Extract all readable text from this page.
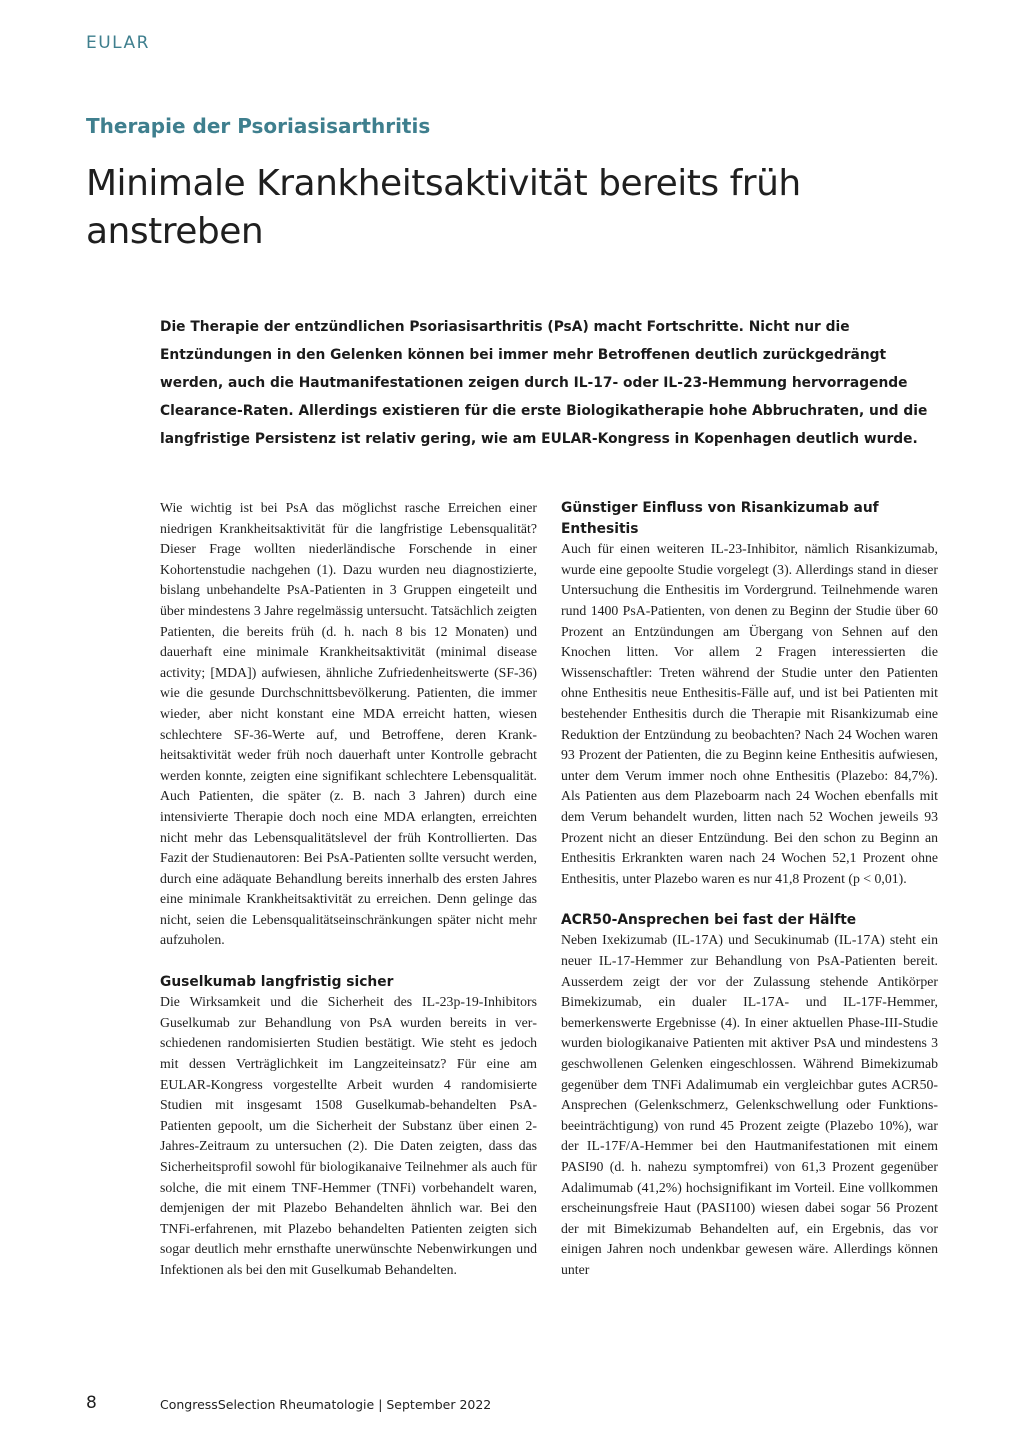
EULAR
Therapie der Psoriasisarthritis
Minimale Krankheitsaktivität bereits früh anstreben

Die Therapie der entzündlichen Psoriasisarthritis (PsA) macht Fortschritte. Nicht nur die Entzündungen in den Gelenken können bei immer mehr Betroffenen deutlich zurückgedrängt werden, auch die Hautmanifestationen zeigen durch IL-17- oder IL-23-Hemmung hervorragende Clearance-Raten. Allerdings existieren für die erste Biologikatherapie hohe Abbruchraten, und die langfristige Persistenz ist relativ gering, wie am EULAR-Kongress in Kopenhagen deutlich wurde.

Wie wichtig ist bei PsA das möglichst rasche Erreichen einer niedrigen Krankheitsaktivität für die langfristige Lebensqualität? Dieser Frage wollten niederländische Forschende in einer Kohortenstudie nachgehen (1). Dazu wurden neu diagnostizierte, bislang unbehandelte PsA-Patienten in 3 Gruppen eingeteilt und über mindestens 3 Jahre regelmässig untersucht. Tatsächlich zeigten Patienten, die bereits früh (d. h. nach 8 bis 12 Monaten) und dauerhaft eine minimale Krankheitsaktivität (minimal disease activity; [MDA]) aufwiesen, ähnliche Zufriedenheitswerte (SF-36) wie die gesunde Durchschnittsbevölkerung. Patienten, die immer wieder, aber nicht konstant eine MDA erreicht hatten, wiesen schlechtere SF-36-Werte auf, und Betroffene, deren Krankheitsaktivität weder früh noch dauerhaft unter Kontrolle gebracht werden konnte, zeigten eine signifikant schlechtere Lebensqualität. Auch Patienten, die später (z. B. nach 3 Jahren) durch eine intensivierte Therapie doch noch eine MDA erlangten, erreichten nicht mehr das Lebensqualitätslevel der früh Kontrollierten. Das Fazit der Studienautoren: Bei PsA-Patienten sollte versucht werden, durch eine adäquate Behandlung bereits innerhalb des ersten Jahres eine minimale Krankheitsaktivität zu erreichen. Denn gelinge das nicht, seien die Lebensqualitätseinschränkungen später nicht mehr aufzuholen.

Guselkumab langfristig sicher

Die Wirksamkeit und die Sicherheit des IL-23p-19-Inhibitors Guselkumab zur Behandlung von PsA wurden bereits in verschiedenen randomisierten Studien bestätigt. Wie steht es jedoch mit dessen Verträglichkeit im Langzeiteinsatz? Für eine am EULAR-Kongress vorgestellte Arbeit wurden 4 randomisierte Studien mit insgesamt 1508 Guselkumab-behandelten PsA-Patienten gepoolt, um die Sicherheit der Substanz über einen 2-Jahres-Zeitraum zu untersuchen (2). Die Daten zeigten, dass das Sicherheitsprofil sowohl für biologikanaive Teilnehmer als auch für solche, die mit einem TNF-Hemmer (TNFi) vorbehandelt waren, demjenigen der mit Plazebo Behandelten ähnlich war. Bei den TNFi-erfahrenen, mit Plazebo behandelten Patienten zeigten sich sogar deutlich mehr ernsthafte unerwünschte Nebenwirkungen und Infektionen als bei den mit Guselkumab Behandelten.

Günstiger Einfluss von Risankizumab auf Enthesitis

Auch für einen weiteren IL-23-Inhibitor, nämlich Risankizumab, wurde eine gepoolte Studie vorgelegt (3). Allerdings stand in dieser Untersuchung die Enthesitis im Vordergrund. Teilnehmende waren rund 1400 PsA-Patienten, von denen zu Beginn der Studie über 60 Prozent an Entzündungen am Übergang von Sehnen auf den Knochen litten. Vor allem 2 Fragen interessierten die Wissenschaftler: Treten während der Studie unter den Patienten ohne Enthesitis neue Enthesitis-Fälle auf, und ist bei Patienten mit bestehender Enthesitis durch die Therapie mit Risankizumab eine Reduktion der Entzündung zu beobachten? Nach 24 Wochen waren 93 Prozent der Patienten, die zu Beginn keine Enthesitis aufwiesen, unter dem Verum immer noch ohne Enthesitis (Plazebo: 84,7%). Als Patienten aus dem Plazeboarm nach 24 Wochen ebenfalls mit dem Verum behandelt wurden, litten nach 52 Wochen jeweils 93 Prozent nicht an dieser Entzündung. Bei den schon zu Beginn an Enthesitis Erkrankten waren nach 24 Wochen 52,1 Prozent ohne Enthesitis, unter Plazebo waren es nur 41,8 Prozent (p < 0,01).

ACR50-Ansprechen bei fast der Hälfte

Neben Ixekizumab (IL-17A) und Secukinumab (IL-17A) steht ein neuer IL-17-Hemmer zur Behandlung von PsA-Patienten bereit. Ausserdem zeigt der vor der Zulassung stehende Antikörper Bimekizumab, ein dualer IL-17A- und IL-17F-Hemmer, bemerkenswerte Ergebnisse (4). In einer aktuellen Phase-III-Studie wurden biologikanaive Patienten mit aktiver PsA und mindestens 3 geschwollenen Gelenken eingeschlossen. Während Bimekizumab gegenüber dem TNFi Adalimumab ein vergleichbar gutes ACR50-Ansprechen (Gelenkschmerz, Gelenkschwellung oder Funktionsbeeinträchtigung) von rund 45 Prozent zeigte (Plazebo 10%), war der IL-17F/A-Hemmer bei den Hautmanifestationen mit einem PASI90 (d. h. nahezu symptomfrei) von 61,3 Prozent gegenüber Adalimumab (41,2%) hochsignifikant im Vorteil. Eine vollkommen erscheinungsfreie Haut (PASI100) wiesen dabei sogar 56 Prozent der mit Bimekizumab Behandelten auf, ein Ergebnis, das vor einigen Jahren noch undenkbar gewesen wäre. Allerdings können unter

8	CongressSelection Rheumatologie | September 2022
